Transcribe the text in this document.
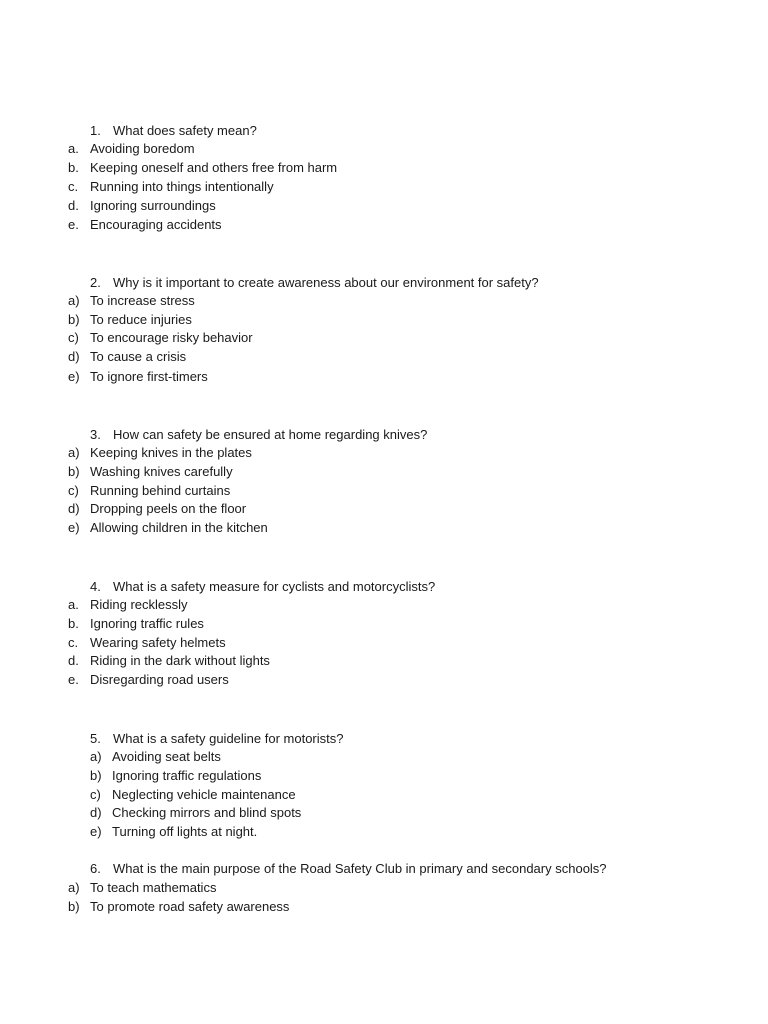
1. What does safety mean?
a. Avoiding boredom
b. Keeping oneself and others free from harm
c. Running into things intentionally
d. Ignoring surroundings
e. Encouraging accidents
2. Why is it important to create awareness about our environment for safety?
a) To increase stress
b) To reduce injuries
c) To encourage risky behavior
d) To cause a crisis
e) To ignore first-timers
3. How can safety be ensured at home regarding knives?
a) Keeping knives in the plates
b) Washing knives carefully
c) Running behind curtains
d) Dropping peels on the floor
e) Allowing children in the kitchen
4. What is a safety measure for cyclists and motorcyclists?
a. Riding recklessly
b. Ignoring traffic rules
c. Wearing safety helmets
d. Riding in the dark without lights
e. Disregarding road users
5. What is a safety guideline for motorists?
a) Avoiding seat belts
b) Ignoring traffic regulations
c) Neglecting vehicle maintenance
d) Checking mirrors and blind spots
e) Turning off lights at night.
6. What is the main purpose of the Road Safety Club in primary and secondary schools?
a) To teach mathematics
b) To promote road safety awareness
